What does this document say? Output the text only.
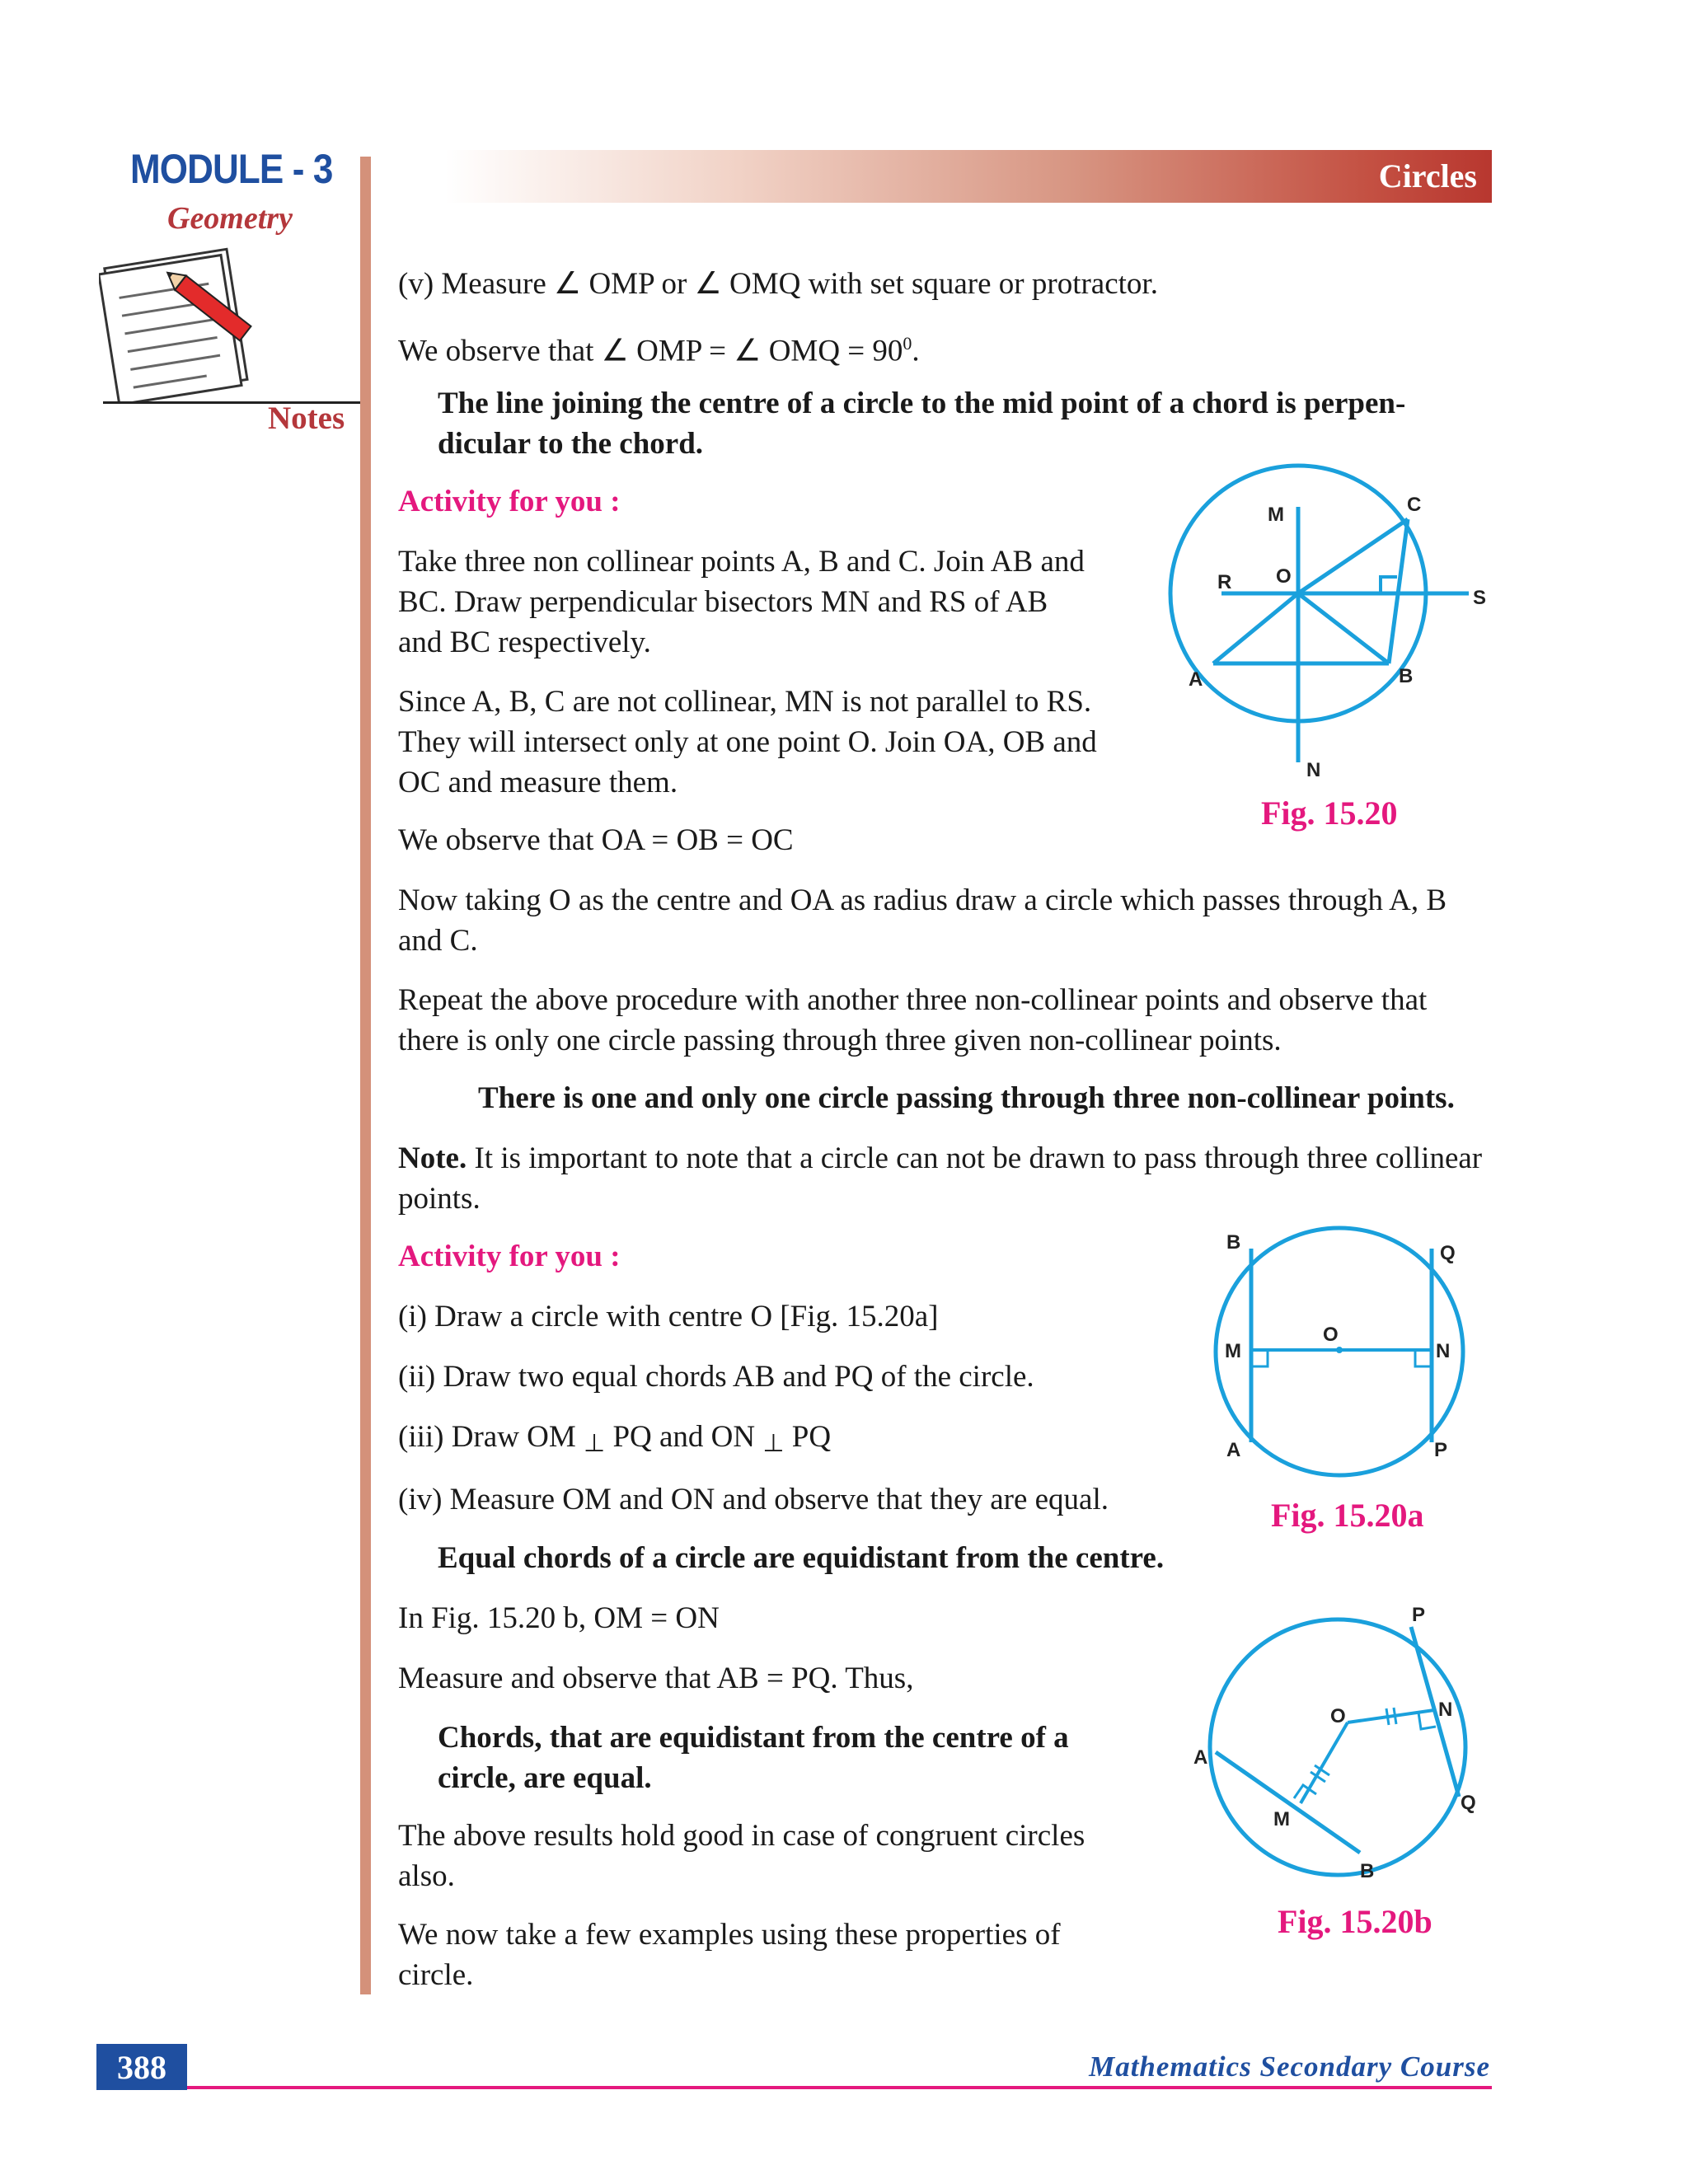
MODULE - 3
Geometry
Notes
Circles
(v) Measure ∠ OMP or ∠ OMQ with set square or protractor.
We observe that ∠ OMP = ∠ OMQ = $90^0$.
The line joining the centre of a circle to the mid point of a chord is perpen-
dicular to the chord.
Activity for you :
Take three non collinear points A, B and C. Join AB and
BC. Draw perpendicular bisectors MN and RS of AB
and BC respectively.
Since A, B, C are not collinear, MN is not parallel to RS.
They will intersect only at one point O. Join OA, OB and
OC and measure them.
We observe that OA = OB = OC
Now taking O as the centre and OA as radius draw a circle which passes through A, B
and C.
Repeat the above procedure with another three non-collinear points and observe that
there is only one circle passing through three given non-collinear points.
There is one and only one circle passing through three non-collinear points.
Note. It is important to note that a circle can not be drawn to pass through three collinear
points.
Activity for you :
(i) Draw a circle with centre O [Fig. 15.20a]
(ii) Draw two equal chords AB and PQ of the circle.
(iii) Draw OM ⊥ PQ and ON ⊥ PQ
(iv) Measure OM and ON and observe that they are equal.
Equal chords of a circle are equidistant from the centre.
In Fig. 15.20 b, OM = ON
Measure and observe that AB = PQ. Thus,
Chords, that are equidistant from the centre of a
circle, are equal.
The above results hold good in case of congruent circles
also.
We now take a few examples using these properties of
circle.
M	C
O
R
S
A	B
N
Fig. 15.20
B	Q
O
M	N
A	P
Fig. 15.20a
P
O	N
A
Q
M
B
Fig. 15.20b
388	Mathematics Secondary Course
